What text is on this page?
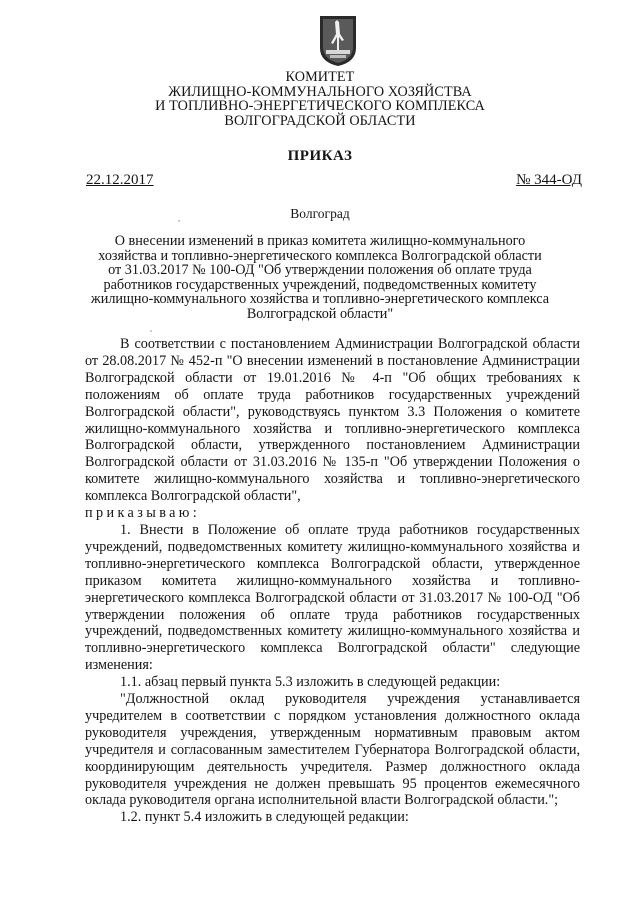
КОМИТЕТ
ЖИЛИЩНО-КОММУНАЛЬНОГО ХОЗЯЙСТВА
И ТОПЛИВНО-ЭНЕРГЕТИЧЕСКОГО КОМПЛЕКСА
ВОЛГОГРАДСКОЙ ОБЛАСТИ
ПРИКАЗ
22.12.2017	№ 344-ОД
Волгоград
О внесении изменений в приказ комитета жилищно-коммунального
хозяйства и топливно-энергетического комплекса Волгоградской области
от 31.03.2017 № 100-ОД "Об утверждении положения об оплате труда
работников государственных учреждений, подведомственных комитету
жилищно-коммунального хозяйства и топливно-энергетического комплекса
Волгоградской области"

В соответствии с постановлением Администрации Волгоградской области от 28.08.2017 № 452-п "О внесении изменений в постановление Администрации Волгоградской области от 19.01.2016 № 4-п "Об общих требованиях к положениям об оплате труда работников государственных учреждений Волгоградской области", руководствуясь пунктом 3.3 Положения о комитете жилищно-коммунального хозяйства и топливно-энергетического комплекса Волгоградской области, утвержденного постановлением Администрации Волгоградской области от 31.03.2016 № 135-п "Об утверждении Положения о комитете жилищно-коммунального хозяйства и топливно-энергетического комплекса Волгоградской области",

приказываю:

1. Внести в Положение об оплате труда работников государственных учреждений, подведомственных комитету жилищно-коммунального хозяйства и топливно-энергетического комплекса Волгоградской области, утвержденное приказом комитета жилищно-коммунального хозяйства и топливно-энергетического комплекса Волгоградской области от 31.03.2017 № 100-ОД "Об утверждении положения об оплате труда работников государственных учреждений, подведомственных комитету жилищно-коммунального хозяйства и топливно-энергетического комплекса Волгоградской области" следующие изменения:

1.1. абзац первый пункта 5.3 изложить в следующей редакции:

"Должностной оклад руководителя учреждения устанавливается учредителем в соответствии с порядком установления должностного оклада руководителя учреждения, утвержденным нормативным правовым актом учредителя и согласованным заместителем Губернатора Волгоградской области, координирующим деятельность учредителя. Размер должностного оклада руководителя учреждения не должен превышать 95 процентов ежемесячного оклада руководителя органа исполнительной власти Волгоградской области.";

1.2. пункт 5.4 изложить в следующей редакции:
